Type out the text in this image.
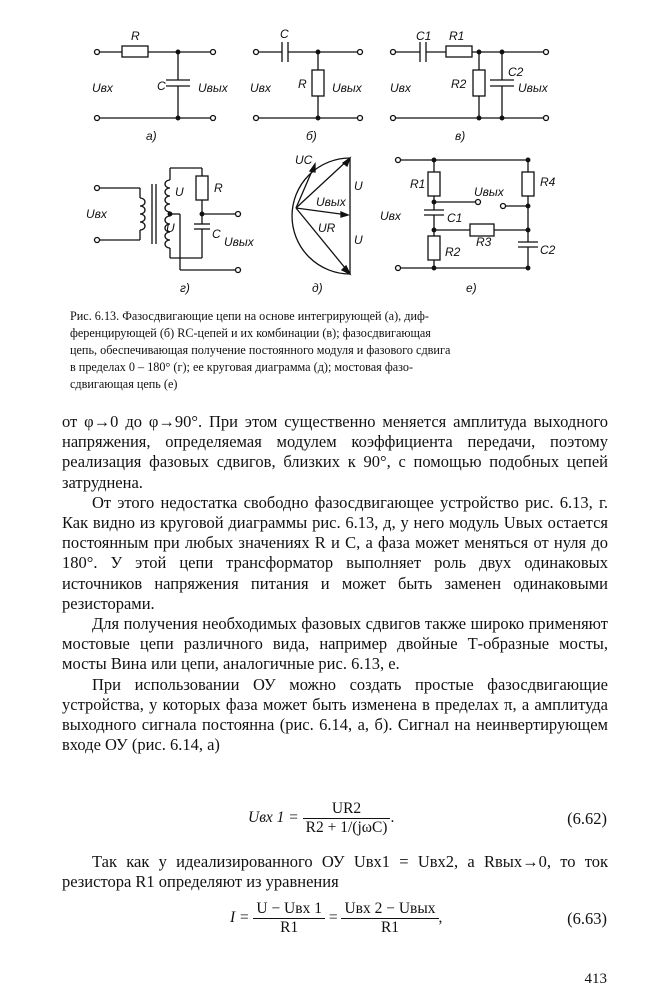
R
C
Uвх	Uвых
а)
C
R
Uвх	Uвых
б)
C1 R1
R2
C2
Uвх	Uвых
в)
U
U
R
C
Uвх
Uвых
г)
UC
U
Uвых
UR
U
д)
R1
Uвых
R4
C1
R3
R2	C2
Uвх
е)

Рис. 6.13. Фазосдвигающие цепи на основе интегрирующей (а), диф-

ференцирующей (б) RC-цепей и их комбинации (в); фазосдвигающая

цепь, обеспечивающая получение постоянного модуля и фазового сдвига

в пределах 0 – 180° (г); ее круговая диаграмма (д); мостовая фазо-

сдвигающая цепь (е)

от φ→0 до φ→90°. При этом существенно меняется амплитуда выходного напряжения, определяемая модулем коэффициента передачи, поэтому реализация фазовых сдвигов, близких к 90°, с помощью подобных цепей затруднена.

От этого недостатка свободно фазосдвигающее устройство рис. 6.13, г. Как видно из круговой диаграммы рис. 6.13, д, у него модуль Uвых остается постоянным при любых значениях R и C, а фаза может меняться от нуля до 180°. У этой цепи трансформатор выполняет роль двух одинаковых источников напряжения питания и может быть заменен одинаковыми резисторами.

Для получения необходимых фазовых сдвигов также широко применяют мостовые цепи различного вида, например двойные Т-образные мосты, мосты Вина или цепи, аналогичные рис. 6.13, е.

При использовании ОУ можно создать простые фазосдвигающие устройства, у которых фаза может быть изменена в пределах π, а амплитуда выходного сигнала постоянна (рис. 6.14, а, б). Сигнал на неинвертирующем входе ОУ (рис. 6.14, а)

Uвх $1 = \frac{UR2}{\text{R2 + 1/(jωC)}}$ .	(6.62)

Так как у идеализированного ОУ Uвх1 = Uвх2, а Rвых→0, то ток резистора R1 определяют из уравнения

$I = \frac{\text{U − Uвх 1}}{R1} = \frac{\text{Uвх 2 − Uвых}}{R1}$ ,	(6.63)
413
